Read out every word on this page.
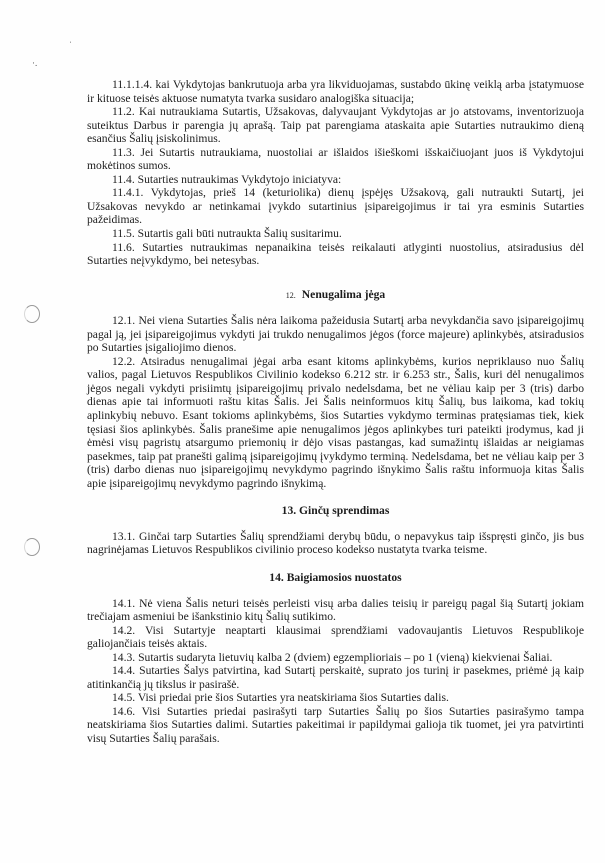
ˌ
·.

11.1.1.4. kai Vykdytojas bankrutuoja arba yra likviduojamas, sustabdo ūkinę veiklą arba įstatymuose ir kituose teisės aktuose numatyta tvarka susidaro analogiška situacija;

11.2. Kai nutraukiama Sutartis, Užsakovas, dalyvaujant Vykdytojas ar jo atstovams, inventorizuoja suteiktus Darbus ir parengia jų aprašą. Taip pat parengiama ataskaita apie Sutarties nutraukimo dieną esančius Šalių įsiskolinimus.

11.3. Jei Sutartis nutraukiama, nuostoliai ar išlaidos išieškomi išskaičiuojant juos iš Vykdytojui mokėtinos sumos.

11.4. Sutarties nutraukimas Vykdytojo iniciatyva:

11.4.1. Vykdytojas, prieš 14 (keturiolika) dienų įspėjęs Užsakovą, gali nutraukti Sutartį, jei Užsakovas nevykdo ar netinkamai įvykdo sutartinius įsipareigojimus ir tai yra esminis Sutarties pažeidimas.

11.5. Sutartis gali būti nutraukta Šalių susitarimu.

11.6. Sutarties nutraukimas nepanaikina teisės reikalauti atlyginti nuostolius, atsiradusius dėl Sutarties neįvykdymo, bei netesybas.

12. Nenugalima jėga

12.1. Nei viena Sutarties Šalis nėra laikoma pažeidusia Sutartį arba nevykdančia savo įsipareigojimų pagal ją, jei įsipareigojimus vykdyti jai trukdo nenugalimos jėgos (force majeure) aplinkybės, atsiradusios po Sutarties įsigaliojimo dienos.

12.2. Atsiradus nenugalimai jėgai arba esant kitoms aplinkybėms, kurios nepriklauso nuo Šalių valios, pagal Lietuvos Respublikos Civilinio kodekso 6.212 str. ir 6.253 str., Šalis, kuri dėl nenugalimos jėgos negali vykdyti prisiimtų įsipareigojimų privalo nedelsdama, bet ne vėliau kaip per 3 (tris) darbo dienas apie tai informuoti raštu kitas Šalis. Jei Šalis neinformuos kitų Šalių, bus laikoma, kad tokių aplinkybių nebuvo. Esant tokioms aplinkybėms, šios Sutarties vykdymo terminas pratęsiamas tiek, kiek tęsiasi šios aplinkybės. Šalis pranešime apie nenugalimos jėgos aplinkybes turi pateikti įrodymus, kad ji ėmėsi visų pagristų atsargumo priemonių ir dėjo visas pastangas, kad sumažintų išlaidas ar neigiamas pasekmes, taip pat pranešti galimą įsipareigojimų įvykdymo terminą. Nedelsdama, bet ne vėliau kaip per 3 (tris) darbo dienas nuo įsipareigojimų nevykdymo pagrindo išnykimo Šalis raštu informuoja kitas Šalis apie įsipareigojimų nevykdymo pagrindo išnykimą.

13. Ginčų sprendimas

13.1. Ginčai tarp Sutarties Šalių sprendžiami derybų būdu, o nepavykus taip išspręsti ginčo, jis bus nagrinėjamas Lietuvos Respublikos civilinio proceso kodekso nustatyta tvarka teisme.

14. Baigiamosios nuostatos

14.1. Nė viena Šalis neturi teisės perleisti visų arba dalies teisių ir pareigų pagal šią Sutartį jokiam trečiajam asmeniui be išankstinio kitų Šalių sutikimo.

14.2. Visi Sutartyje neaptarti klausimai sprendžiami vadovaujantis Lietuvos Respublikoje galiojančiais teisės aktais.

14.3. Sutartis sudaryta lietuvių kalba 2 (dviem) egzemplioriais – po 1 (vieną) kiekvienai Šaliai.

14.4. Sutarties Šalys patvirtina, kad Sutartį perskaitė, suprato jos turinį ir pasekmes, priėmė ją kaip atitinkančią jų tikslus ir pasirašė.

14.5. Visi priedai prie šios Sutarties yra neatskiriama šios Sutarties dalis.

14.6. Visi Sutarties priedai pasirašyti tarp Sutarties Šalių po šios Sutarties pasirašymo tampa neatskiriama šios Sutarties dalimi. Sutarties pakeitimai ir papildymai galioja tik tuomet, jei yra patvirtinti visų Sutarties Šalių parašais.
